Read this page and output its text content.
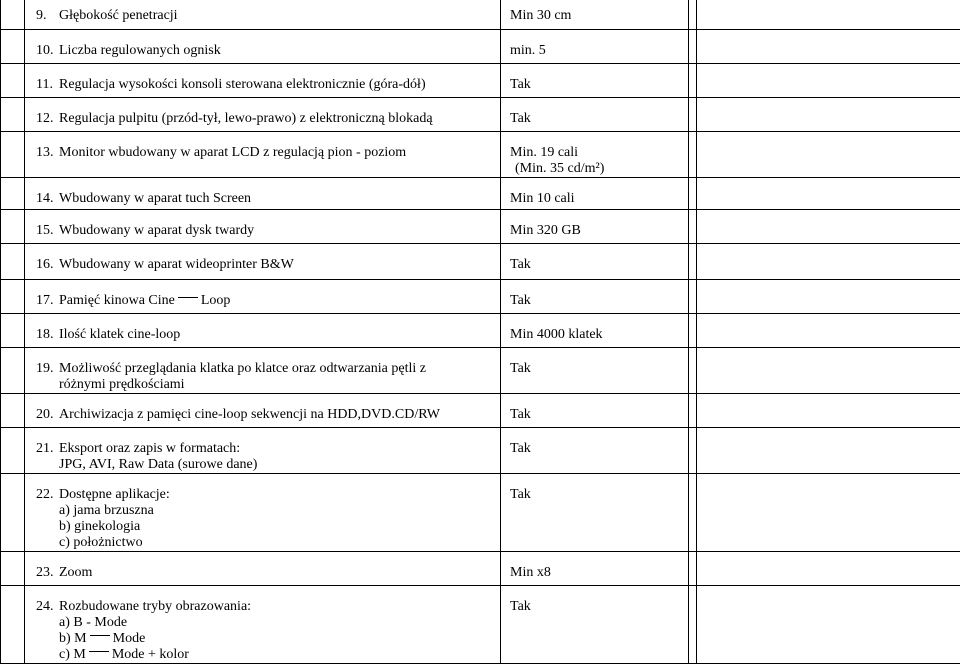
	9. Głębokość penetracji	Min 30 cm		

	10. Liczba regulowanych ognisk	min. 5		

	11. Regulacja wysokości konsoli sterowana elektronicznie (góra-dół)	Tak		

	12. Regulacja pulpitu (przód-tył, lewo-prawo) z elektroniczną blokadą	Tak		

	13. Monitor wbudowany w aparat LCD z regulacją pion - poziom	Min. 19 cali
(Min. 35 cd/m²)		

	14. Wbudowany w aparat tuch Screen	Min 10 cali		

	15. Wbudowany w aparat dysk twardy	Min 320 GB		

	16. Wbudowany w aparat wideoprinter B&W	Tak		

	17. Pamięć kinowa Cine Loop	Tak		

	18. Ilość klatek cine-loop	Min 4000 klatek		

	19. Możliwość przeglądania klatka po klatce oraz odtwarzania pętli z
różnymi prędkościami	Tak		

	20. Archiwizacja z pamięci cine-loop sekwencji na HDD,DVD.CD/RW	Tak		

	21. Eksport oraz zapis w formatach:
JPG, AVI, Raw Data (surowe dane)	Tak		

	22. Dostępne aplikacje:
a) jama brzuszna
b) ginekologia
c) położnictwo	Tak		

	23. Zoom	Min x8		

	24. Rozbudowane tryby obrazowania:
a) B - Mode
b) M Mode
c) M Mode + kolor	Tak		
